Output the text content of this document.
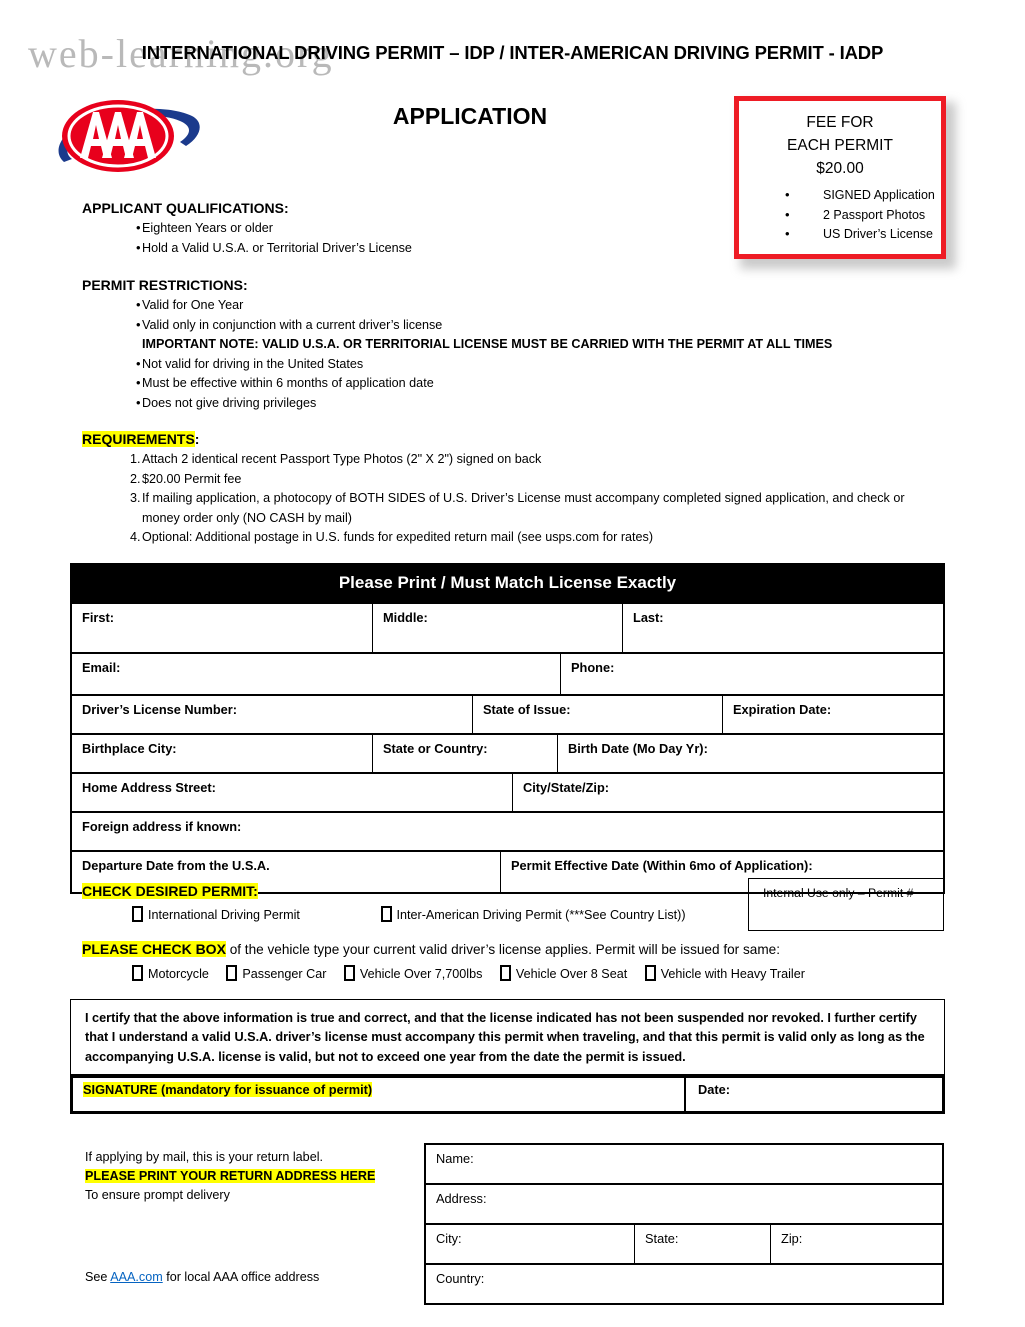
web-learning.org
INTERNATIONAL DRIVING PERMIT – IDP / INTER-AMERICAN DRIVING PERMIT - IADP
APPLICATION	FEE FOR
EACH PERMIT
$20.00
• SIGNED Application
• 2 Passport Photos
• US Driver’s License
APPLICANT QUALIFICATIONS:
• Eighteen Years or older
• Hold a Valid U.S.A. or Territorial Driver’s License
PERMIT RESTRICTIONS:
• Valid for One Year
• Valid only in conjunction with a current driver’s license
IMPORTANT NOTE: VALID U.S.A. OR TERRITORIAL LICENSE MUST BE CARRIED WITH THE PERMIT AT ALL TIMES
• Not valid for driving in the United States
• Must be effective within 6 months of application date
• Does not give driving privileges
REQUIREMENTS:
Attach 2 identical recent Passport Type Photos (2" X 2") signed on back
$20.00 Permit fee
If mailing application, a photocopy of BOTH SIDES of U.S. Driver’s License must accompany completed signed application, and check or money order only (NO CASH by mail)
Optional: Additional postage in U.S. funds for expedited return mail (see usps.com for rates)
Please Print / Must Match License Exactly
First:	Middle:	Last:
Email:	Phone:
Driver’s License Number:	State of Issue:	Expiration Date:
Birthplace City:	State or Country:	Birth Date (Mo Day Yr):
Home Address Street:	City/State/Zip:
Foreign address if known:
Departure Date from the U.S.A.	Permit Effective Date (Within 6mo of Application):
CHECK DESIRED PERMIT:
International Driving Permit	Inter-American Driving Permit (***See Country List))
Internal Use only – Permit #
PLEASE CHECK BOX of the vehicle type your current valid driver’s license applies. Permit will be issued for same:
Motorcycle	Passenger Car	Vehicle Over 7,700lbs	Vehicle Over 8 Seat	Vehicle with Heavy Trailer

I certify that the above information is true and correct, and that the license indicated has not been suspended nor revoked. I further certify that I understand a valid U.S.A. driver’s license must accompany this permit when traveling, and that this permit is valid only as long as the accompanying U.S.A. license is valid, but not to exceed one year from the date the permit is issued.

SIGNATURE (mandatory for issuance of permit)	Date:
If applying by mail, this is your return label.
PLEASE PRINT YOUR RETURN ADDRESS HERE
To ensure prompt delivery
See AAA.com for local AAA office address
Name:
Address:
City:	State:	Zip:
Country:
